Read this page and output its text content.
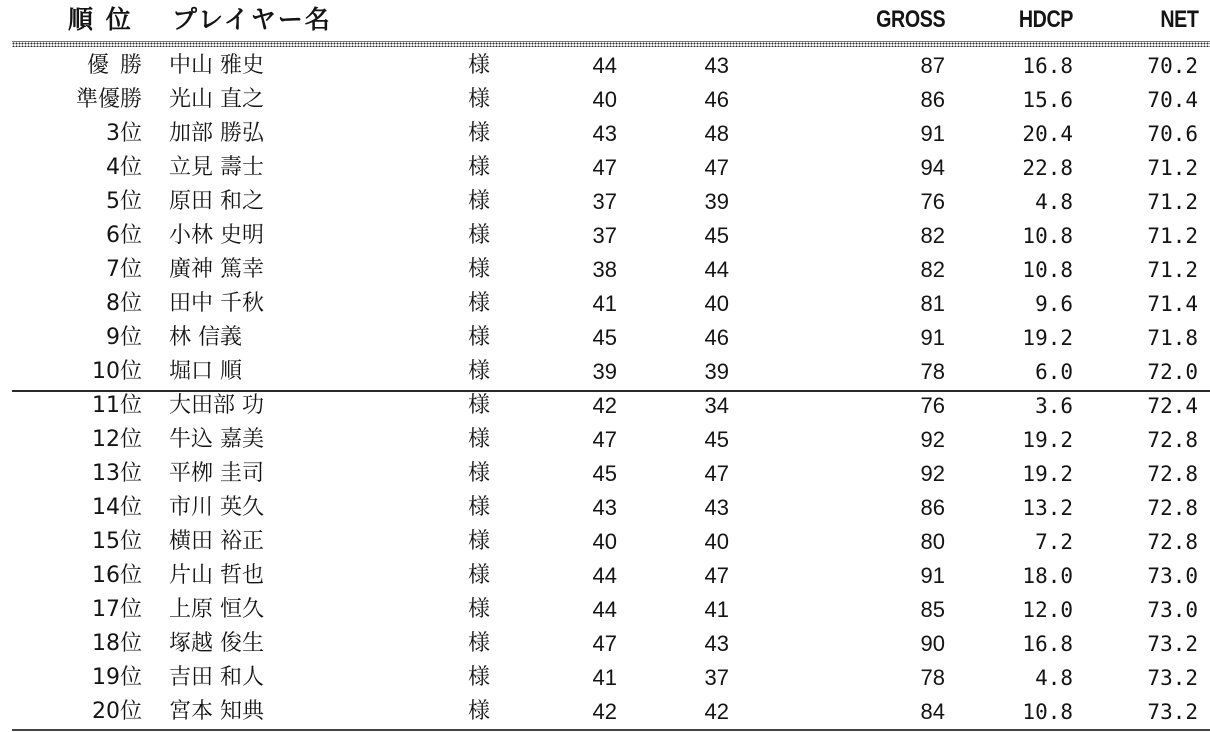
順 位 プレイヤー名	GROSS	HDCP	NET
優勝 中山 雅史	様	44	43	87	16.8	70.2
準優勝 光山 直之	様	40	46	86	15.6	70.4
3位 加部 勝弘	様	43	48	91	20.4	70.6
4位 立見 壽士	様	47	47	94	22.8	71.2
5位 原田 和之	様	37	39	76	4.8	71.2
6位 小林 史明	様	37	45	82	10.8	71.2
7位 廣神 篤幸	様	38	44	82	10.8	71.2
8位 田中 千秋	様	41	40	81	9.6	71.4
9位 林 信義	様	45	46	91	19.2	71.8
10位 堀口 順	様	39	39	78	6.0	72.0
11位 大田部 功	様	42	34	76	3.6	72.4
12位 牛込 嘉美	様	47	45	92	19.2	72.8
13位 平栁 圭司	様	45	47	92	19.2	72.8
14位 市川 英久	様	43	43	86	13.2	72.8
15位 横田 裕正	様	40	40	80	7.2	72.8
16位 片山 哲也	様	44	47	91	18.0	73.0
17位 上原 恒久	様	44	41	85	12.0	73.0
18位 塚越 俊生	様	47	43	90	16.8	73.2
19位 吉田 和人	様	41	37	78	4.8	73.2
20位 宮本 知典	様	42	42	84	10.8	73.2
